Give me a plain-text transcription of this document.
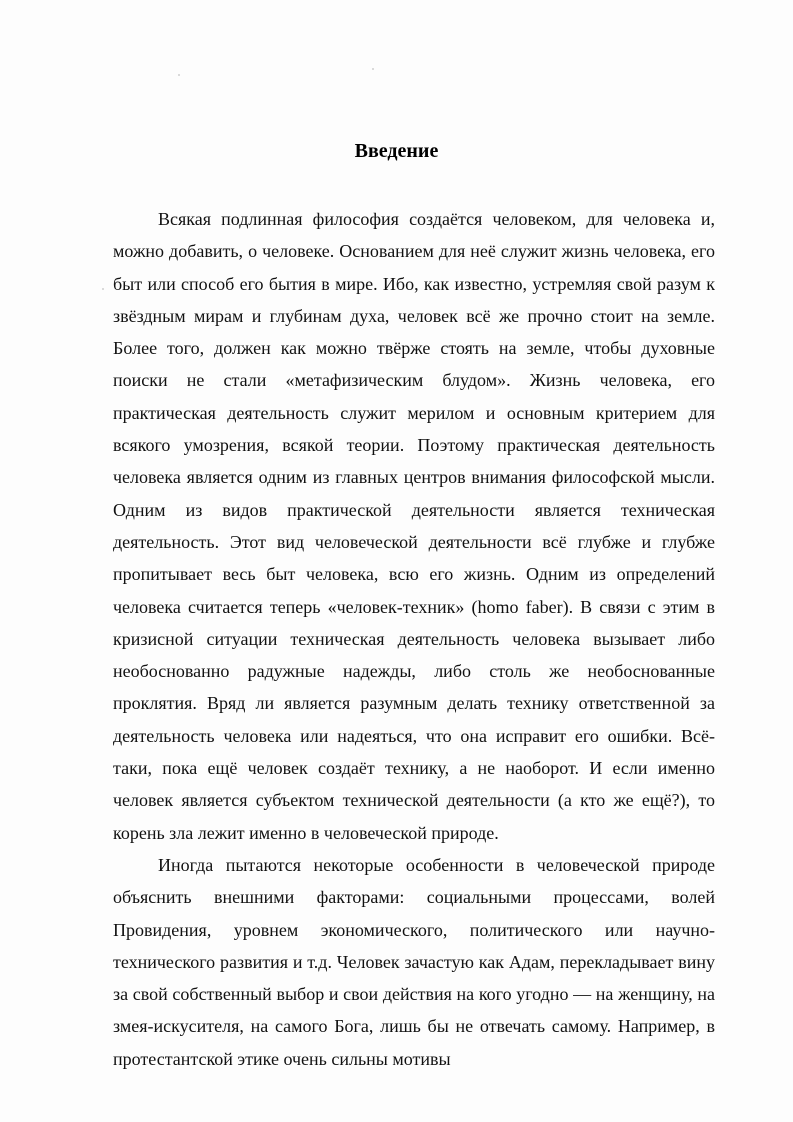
Введение

Всякая подлинная философия создаётся человеком, для человека и, можно добавить, о человеке. Основанием для неё служит жизнь человека, его быт или способ его бытия в мире. Ибо, как известно, устремляя свой разум к звёздным мирам и глубинам духа, человек всё же прочно стоит на земле. Более того, должен как можно твёрже стоять на земле, чтобы духовные поиски не стали «метафизическим блудом». Жизнь человека, его практическая деятельность служит мерилом и основным критерием для всякого умозрения, всякой теории. Поэтому практическая деятельность человека является одним из главных центров внимания философской мысли. Одним из видов практической деятельности является техническая деятельность. Этот вид человеческой деятельности всё глубже и глубже пропитывает весь быт человека, всю его жизнь. Одним из определений человека считается теперь «человек-техник» (homo faber). В связи с этим в кризисной ситуации техническая деятельность человека вызывает либо необоснованно радужные надежды, либо столь же необоснованные проклятия. Вряд ли является разумным делать технику ответственной за деятельность человека или надеяться, что она исправит его ошибки. Всё-таки, пока ещё человек создаёт технику, а не наоборот. И если именно человек является субъектом технической деятельности (а кто же ещё?), то корень зла лежит именно в человеческой природе.

Иногда пытаются некоторые особенности в человеческой природе объяснить внешними факторами: социальными процессами, волей Провидения, уровнем экономического, политического или научно-технического развития и т.д. Человек зачастую как Адам, перекладывает вину за свой собственный выбор и свои действия на кого угодно — на женщину, на змея-искусителя, на самого Бога, лишь бы не отвечать самому. Например, в протестантской этике очень сильны мотивы
